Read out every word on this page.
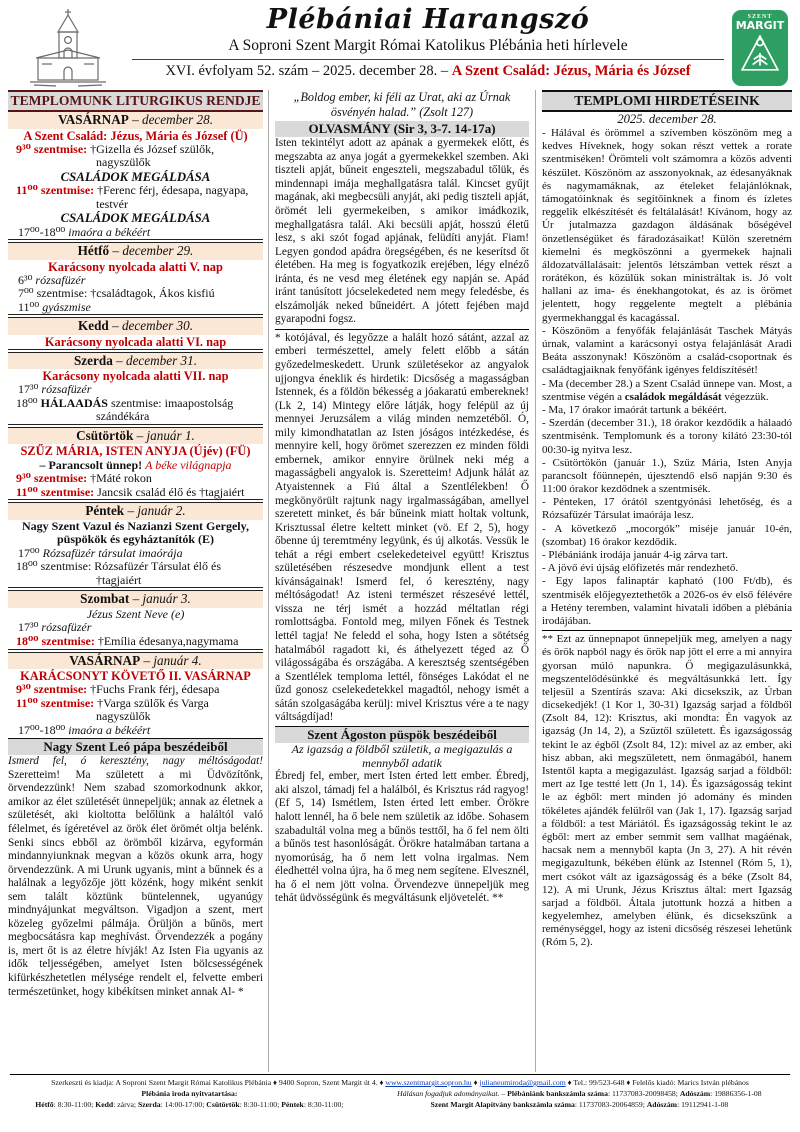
Plébániai Harangszó
A Soproni Szent Margit Római Katolikus Plébánia heti hírlevele
XVI. évfolyam 52. szám – 2025. december 28. – A Szent Család: Jézus, Mária és József
SZENT
MARGIT
TEMPLOMUNK LITURGIKUS RENDJE
VASÁRNAP – december 28.
A Szent Család: Jézus, Mária és József (Ü)
9³⁰ szentmise: †Gizella és József szülők, nagyszülők
CSALÁDOK MEGÁLDÁSA
11⁰⁰ szentmise: †Ferenc férj, édesapa, nagyapa, testvér
CSALÁDOK MEGÁLDÁSA
17⁰⁰-18⁰⁰ imaóra a békéért
Hétfő – december 29.
Karácsony nyolcada alatti V. nap
6³⁰ rózsafüzér
7⁰⁰ szentmise: †családtagok, Ákos kisfiú
11⁰⁰ gyászmise
Kedd – december 30.
Karácsony nyolcada alatti VI. nap
Szerda – december 31.
Karácsony nyolcada alatti VII. nap
17³⁰ rózsafüzér
18⁰⁰ HÁLAADÁS szentmise: imaapostolság szándékára
Csütörtök – január 1.
SZŰZ MÁRIA, ISTEN ANYJA (Újév) (FÜ)
– Parancsolt ünnep! A béke világnapja
9³⁰ szentmise: †Máté rokon
11⁰⁰ szentmise: Jancsik család élő és †tagjaiért
Péntek – január 2.
Nagy Szent Vazul és Nazianzi Szent Gergely, püspökök és egyháztanítók (E)
17⁰⁰ Rózsafüzér társulat imaórája
18⁰⁰ szentmise: Rózsafüzér Társulat élő és †tagjaiért
Szombat – január 3.
Jézus Szent Neve (e)
17³⁰ rózsafüzér
18⁰⁰ szentmise: †Emília édesanya,nagymama
VASÁRNAP – január 4.
KARÁCSONYT KÖVETŐ II. VASÁRNAP
9³⁰ szentmise: †Fuchs Frank férj, édesapa
11⁰⁰ szentmise: †Varga szülők és Varga nagyszülők
17⁰⁰-18⁰⁰ imaóra a békéért
Nagy Szent Leó pápa beszédeiből
Ismerd fel, ó keresztény, nagy méltóságodat! Szeretteim! Ma született a mi Üdvözítőnk, örvendezzünk! Nem szabad szomorkodnunk akkor, amikor az élet születését ünnepeljük; annak az életnek a születését, aki kioltotta belőlünk a haláltól való félelmet, és ígéretével az örök élet örömét oltja belénk. Senki sincs ebből az örömből kizárva, egyformán mindannyiunknak megvan a közös okunk arra, hogy örvendezzünk. A mi Urunk ugyanis, mint a bűnnek és a halálnak a legyőzője jött közénk, hogy miként senkit sem talált köztünk büntelennek, ugyanúgy mindnyájunkat megváltson. Vigadjon a szent, mert közeleg győzelmi pálmája. Örüljön a bűnös, mert megbocsátásra kap meghívást. Örvendezzék a pogány is, mert őt is az életre hívják! Az Isten Fia ugyanis az idők teljességében, amelyet Isten bölcsességének kifürkészhetetlen mélysége rendelt el, felvette emberi természetünket, hogy kibékítsen minket annak Al- *
„Boldog ember, ki féli az Urat, aki az Úrnak ösvényén halad.” (Zsolt 127)
OLVASMÁNY (Sir 3, 3-7. 14-17a)
Isten tekintélyt adott az apának a gyermekek előtt, és megszabta az anya jogát a gyermekekkel szemben. Aki tiszteli apját, bűneit engeszteli, megszabadul tőlük, és mindennapi imája meghallgatásra talál. Kincset gyűjt magának, aki megbecsüli anyját, aki pedig tiszteli apját, örömét leli gyermekeiben, s amikor imádkozik, meghallgatásra talál. Aki becsüli apját, hosszú életű lesz, s aki szót fogad apjának, felüdíti anyját. Fiam! Legyen gondod apádra öregségében, és ne keserítsd őt életében. Ha meg is fogyatkozik erejében, légy elnéző iránta, és ne vesd meg életének egy napján se. Apád iránt tanúsított jócselekedeted nem megy feledésbe, és elszámolják neked bűneidért. A jótett fejében majd gyarapodni fogsz.
* kotójával, és legyőzze a halált hozó sátánt, azzal az emberi természettel, amely felett előbb a sátán győzedelmeskedett. Urunk születésekor az angyalok ujjongva éneklik és hirdetik: Dicsőség a magasságban Istennek, és a földön békesség a jóakaratú embereknek! (Lk 2, 14) Mintegy előre látják, hogy felépül az új mennyei Jeruzsálem a világ minden nemzetéből. Ó, mily kimondhatatlan az Isten jóságos intézkedése, és mennyire kell, hogy örömet szerezzen ez minden földi embernek, amikor ennyire örülnek neki még a magasságbeli angyalok is. Szeretteim! Adjunk hálát az Atyaistennek a Fiú által a Szentlélekben! Ő megkönyörült rajtunk nagy irgalmasságában, amellyel szeretett minket, és bár bűneink miatt holtak voltunk, Krisztussal életre keltett minket (vö. Ef 2, 5), hogy őbenne új teremtmény legyünk, és új alkotás. Vessük le tehát a régi embert cselekedeteivel együtt! Krisztus születésében részesedve mondjunk ellent a test kívánságainak! Ismerd fel, ó keresztény, nagy méltóságodat! Az isteni természet részesévé lettél, vissza ne térj ismét a hozzád méltatlan régi romlottságba. Fontold meg, milyen Főnek és Testnek lettél tagja! Ne feledd el soha, hogy Isten a sötétség hatalmából ragadott ki, és áthelyezett téged az Ő világosságába és országába. A keresztség szentségében a Szentlélek temploma lettél, fönséges Lakódat el ne űzd gonosz cselekedetekkel magadtól, nehogy ismét a sátán szolgaságába kerülj: mivel Krisztus vére a te nagy váltságdíjad!
Szent Ágoston püspök beszédeiből
Az igazság a földből születik, a megigazulás a mennyből adatik
Ébredj fel, ember, mert Isten érted lett ember. Ébredj, aki alszol, támadj fel a halálból, és Krisztus rád ragyog! (Ef 5, 14) Ismétlem, Isten érted lett ember. Örökre halott lennél, ha ő bele nem születik az időbe. Sohasem szabadultál volna meg a bűnös testtől, ha ő fel nem ölti a bűnös test hasonlóságát. Örökre hatalmában tartana a nyomorúság, ha ő nem lett volna irgalmas. Nem éledhettél volna újra, ha ő meg nem segítene. Elvesznél, ha ő el nem jött volna. Örvendezve ünnepeljük meg tehát üdvösségünk és megváltásunk eljövetelét. **
TEMPLOMI HIRDETÉSEINK
2025. december 28.
- Hálával és örömmel a szívemben köszönöm meg a kedves Híveknek, hogy sokan részt vettek a rorate szentmiséken! Örömteli volt számomra a közös adventi készület. Köszönöm az asszonyoknak, az édesanyáknak és nagymamáknak, az ételeket felajánlóknak, támogatóinknak és segítőinknek a finom és ízletes reggelik elkészítését és feltálalását! Kívánom, hogy az Úr jutalmazza gazdagon áldásának bőségével önzetlenségüket és fáradozásaikat! Külön szeretném kiemelni és megköszönni a gyermekek hajnali áldozatvállalásait: jelentős létszámban vettek részt a rorátékon, és közülük sokan ministráltak is. Jó volt hallani az ima- és énekhangotokat, és az is örömet jelentett, hogy reggelente megtelt a plébánia gyermekhanggal és kacagással.
- Köszönöm a fenyőfák felajánlását Taschek Mátyás úrnak, valamint a karácsonyi ostya felajánlását Aradi Beáta asszonynak! Köszönöm a család-csoportnak és családtagjaiknak fenyőfánk igényes feldíszítését!
- Ma (december 28.) a Szent Család ünnepe van. Most, a szentmise végén a családok megáldását végezzük.
- Ma, 17 órakor imaórát tartunk a békéért.
- Szerdán (december 31.), 18 órakor kezdődik a hálaadó szentmisénk. Templomunk és a torony kilátó 23:30-tól 00:30-ig nyitva lesz.
- Csütörtökön (január 1.), Szűz Mária, Isten Anyja parancsolt főünnepén, újesztendő első napján 9:30 és 11:00 órakor kezdődnek a szentmisék.
- Pénteken, 17 órától szentgyónási lehetőség, és a Rózsafüzér Társulat imaórája lesz.
- A következő „mocorgók” miséje január 10-én, (szombat) 16 órakor kezdődik.
- Plébániánk irodája január 4-ig zárva tart.
- A jövő évi újság előfizetés már rendezhető.
- Egy lapos falinaptár kapható (100 Ft/db), és szentmisék előjegyeztethetők a 2026-os év első félévére a Hetény teremben, valamint hivatali időben a plébánia irodájában.
** Ezt az ünnepnapot ünnepeljük meg, amelyen a nagy és örök napból nagy és örök nap jött el erre a mi annyira gyorsan múló napunkra. Ő megigazulásunkká, megszentelődésünkké és megváltásunkká lett. Így teljesül a Szentírás szava: Aki dicsekszik, az Úrban dicsekedjék! (1 Kor 1, 30-31) Igazság sarjad a földből (Zsolt 84, 12): Krisztus, aki mondta: Én vagyok az igazság (Jn 14, 2), a Szűztől született. És igazságosság tekint le az égből (Zsolt 84, 12): mivel az az ember, aki hisz abban, aki megszületett, nem önmagából, hanem Istentől kapta a megigazulást. Igazság sarjad a földből: mert az Ige testté lett (Jn 1, 14). És igazságosság tekint le az égből: mert minden jó adomány és minden tökéletes ajándék felülről van (Jak 1, 17). Igazság sarjad a földből: a test Máriától. És igazságosság tekint le az égből: mert az ember semmit sem vallhat magáénak, hacsak nem a mennyből kapta (Jn 3, 27). A hit révén megigazultunk, békében élünk az Istennel (Róm 5, 1), mert csókot vált az igazságosság és a béke (Zsolt 84, 12). A mi Urunk, Jézus Krisztus által: mert Igazság sarjad a földből. Általa jutottunk hozzá a hitben a kegyelemhez, amelyben élünk, és dicsekszünk a reménységgel, hogy az isteni dicsőség részesei lehetünk (Róm 5, 2).
Szerkeszti és kiadja: A Soproni Szent Margit Római Katolikus Plébánia ♦ 9400 Sopron, Szent Margit út 4. ♦ www.szentmargit.sopron.hu ♦ julianeumiroda@gmail.com ♦ Tel.: 99/523-648 ♦ Felelős kiadó: Marics István plébános
Plébánia iroda nyitvatartása:
Hétfő: 8:30-11:00; Kedd: zárva; Szerda: 14:00-17:00; Csütörtök: 8:30-11:00; Péntek: 8:30-11:00;
Hálásan fogadjuk adományaikat. – Plébániánk bankszámla száma: 11737083-20098458; Adószám: 19886356-1-08
Szent Margit Alapítvány bankszámla száma: 11737083-20064859; Adószám: 19112941-1-08
